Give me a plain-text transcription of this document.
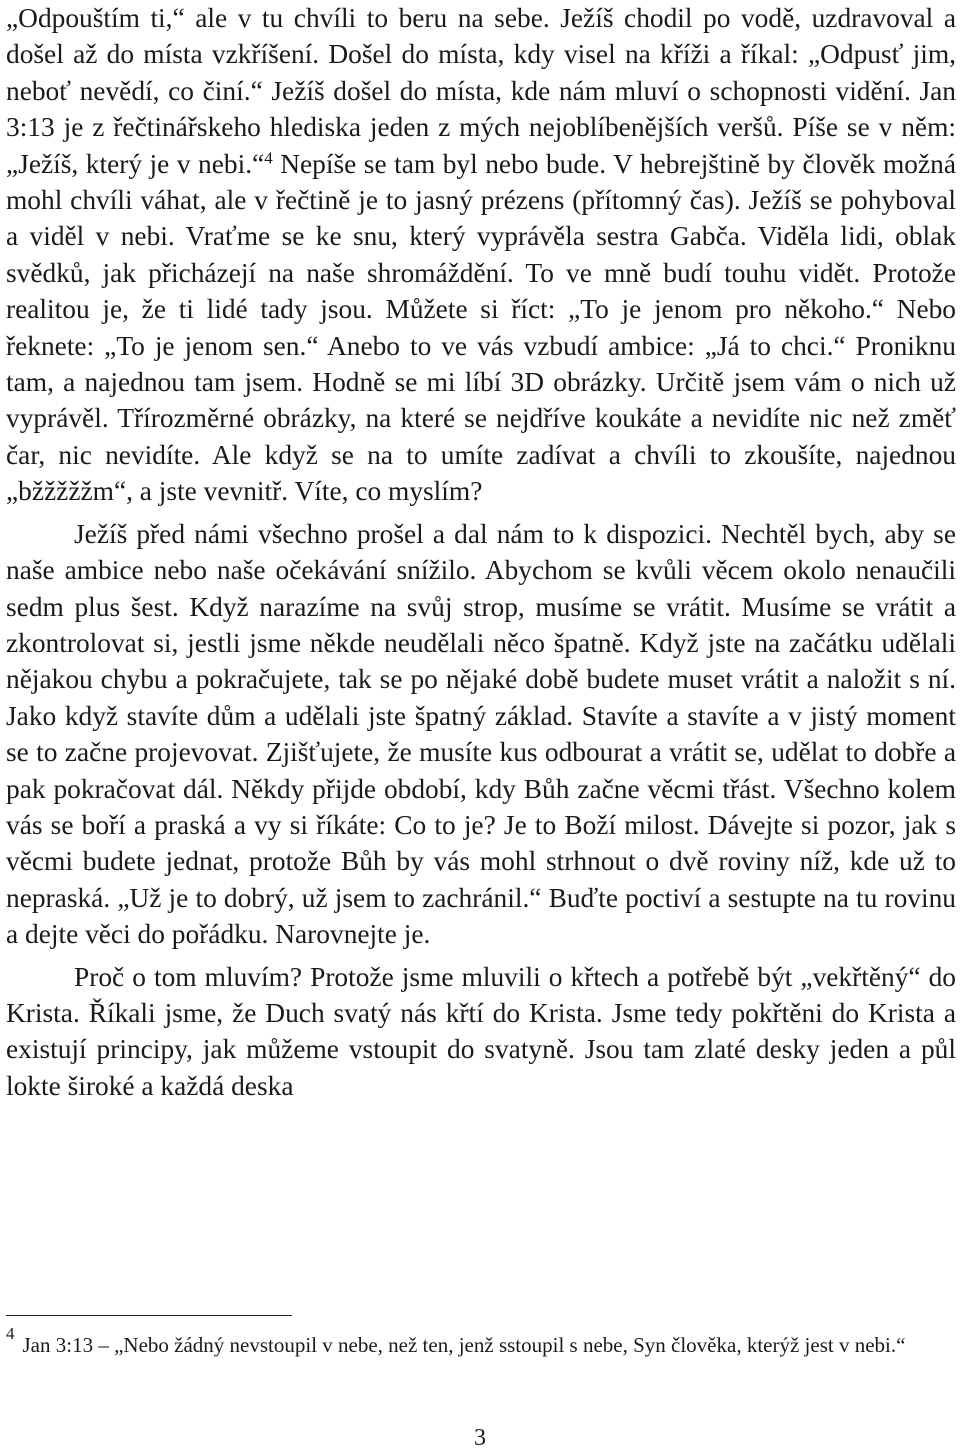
„Odpouštím ti,“ ale v tu chvíli to beru na sebe. Ježíš chodil po vodě, uzdravoval a došel až do místa vzkříšení. Došel do místa, kdy visel na kříži a říkal: „Odpusť jim, neboť nevědí, co činí.“ Ježíš došel do místa, kde nám mluví o schopnosti vidění. Jan 3:13 je z řečtinářskeho hlediska jeden z mých nejoblíbenějších veršů. Píše se v něm: „Ježíš, který je v nebi.“$^4$ Nepíše se tam byl nebo bude. V hebrejštině by člověk možná mohl chvíli váhat, ale v řečtině je to jasný prézens (přítomný čas). Ježíš se pohyboval a viděl v nebi. Vraťme se ke snu, který vyprávěla sestra Gabča. Viděla lidi, oblak svědků, jak přicházejí na naše shromáždění. To ve mně budí touhu vidět. Protože realitou je, že ti lidé tady jsou. Můžete si říct: „To je jenom pro někoho.“ Nebo řeknete: „To je jenom sen.“ Anebo to ve vás vzbudí ambice: „Já to chci.“ Proniknu tam, a najednou tam jsem. Hodně se mi líbí 3D obrázky. Určitě jsem vám o nich už vyprávěl. Třírozměrné obrázky, na které se nejdříve koukáte a nevidíte nic než změť čar, nic nevidíte. Ale když se na to umíte zadívat a chvíli to zkoušíte, najednou „bžžžžžm“, a jste vevnitř. Víte, co myslím?

Ježíš před námi všechno prošel a dal nám to k dispozici. Nechtěl bych, aby se naše ambice nebo naše očekávání snížilo. Abychom se kvůli věcem okolo nenaučili sedm plus šest. Když narazíme na svůj strop, musíme se vrátit. Musíme se vrátit a zkontrolovat si, jestli jsme někde neudělali něco špatně. Když jste na začátku udělali nějakou chybu a pokračujete, tak se po nějaké době budete muset vrátit a naložit s ní. Jako když stavíte dům a udělali jste špatný základ. Stavíte a stavíte a v jistý moment se to začne projevovat. Zjišťujete, že musíte kus odbourat a vrátit se, udělat to dobře a pak pokračovat dál. Někdy přijde období, kdy Bůh začne věcmi třást. Všechno kolem vás se boří a praská a vy si říkáte: Co to je? Je to Boží milost. Dávejte si pozor, jak s věcmi budete jednat, protože Bůh by vás mohl strhnout o dvě roviny níž, kde už to nepraská. „Už je to dobrý, už jsem to zachránil.“ Buďte poctiví a sestupte na tu rovinu a dejte věci do pořádku. Narovnejte je.

Proč o tom mluvím? Protože jsme mluvili o křtech a potřebě být „vekřtěný“ do Krista. Říkali jsme, že Duch svatý nás křtí do Krista. Jsme tedy pokřtěni do Krista a existují principy, jak můžeme vstoupit do svatyně. Jsou tam zlaté desky jeden a půl lokte široké a každá deska

$^4$ Jan 3:13 – „Nebo žádný nevstoupil v nebe, než ten, jenž sstoupil s nebe, Syn člověka, kterýž jest v nebi.“

3
